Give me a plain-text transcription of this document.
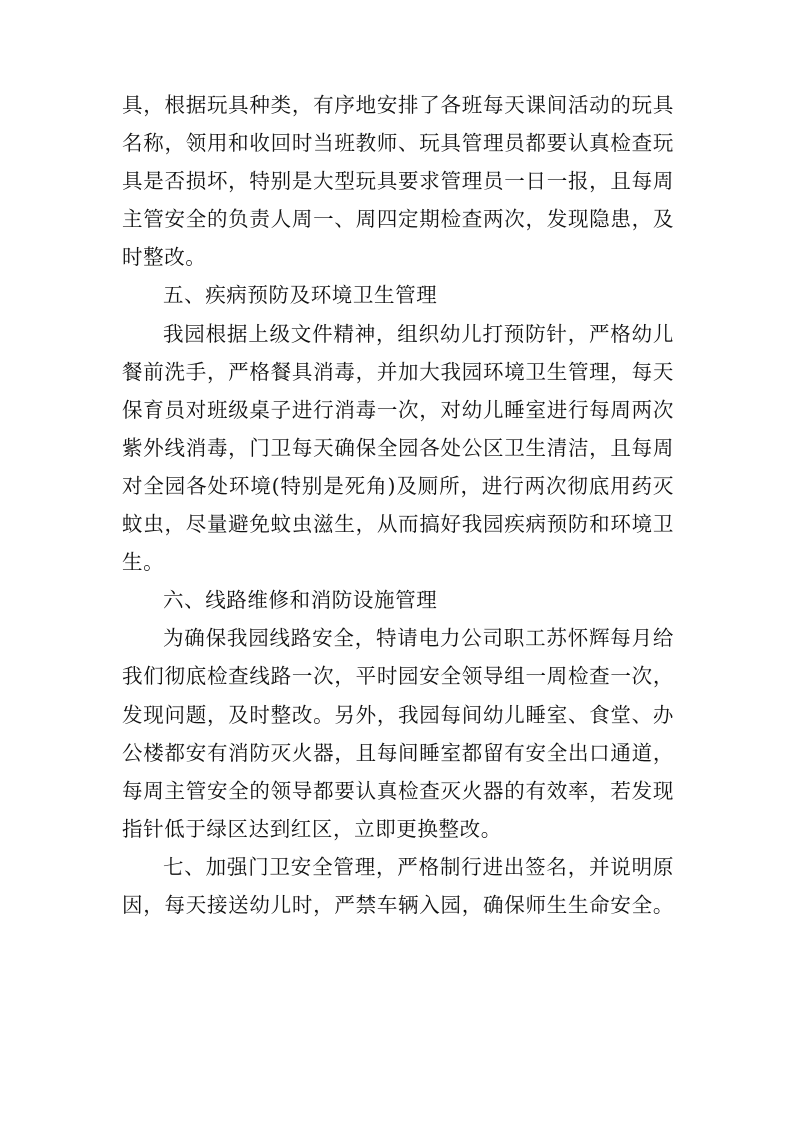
具，根据玩具种类，有序地安排了各班每天课间活动的玩具
名称，领用和收回时当班教师、玩具管理员都要认真检查玩
具是否损坏，特别是大型玩具要求管理员一日一报，且每周
主管安全的负责人周一、周四定期检查两次，发现隐患，及
时整改。
五、疾病预防及环境卫生管理
我园根据上级文件精神，组织幼儿打预防针，严格幼儿
餐前洗手，严格餐具消毒，并加大我园环境卫生管理，每天
保育员对班级桌子进行消毒一次，对幼儿睡室进行每周两次
紫外线消毒，门卫每天确保全园各处公区卫生清洁，且每周
对全园各处环境(特别是死角)及厕所，进行两次彻底用药灭
蚊虫，尽量避免蚊虫滋生，从而搞好我园疾病预防和环境卫
生。
六、线路维修和消防设施管理
为确保我园线路安全，特请电力公司职工苏怀辉每月给
我们彻底检查线路一次，平时园安全领导组一周检查一次，
发现问题，及时整改。另外，我园每间幼儿睡室、食堂、办
公楼都安有消防灭火器，且每间睡室都留有安全出口通道，
每周主管安全的领导都要认真检查灭火器的有效率，若发现
指针低于绿区达到红区，立即更换整改。
七、加强门卫安全管理，严格制行进出签名，并说明原
因，每天接送幼儿时，严禁车辆入园，确保师生生命安全。
